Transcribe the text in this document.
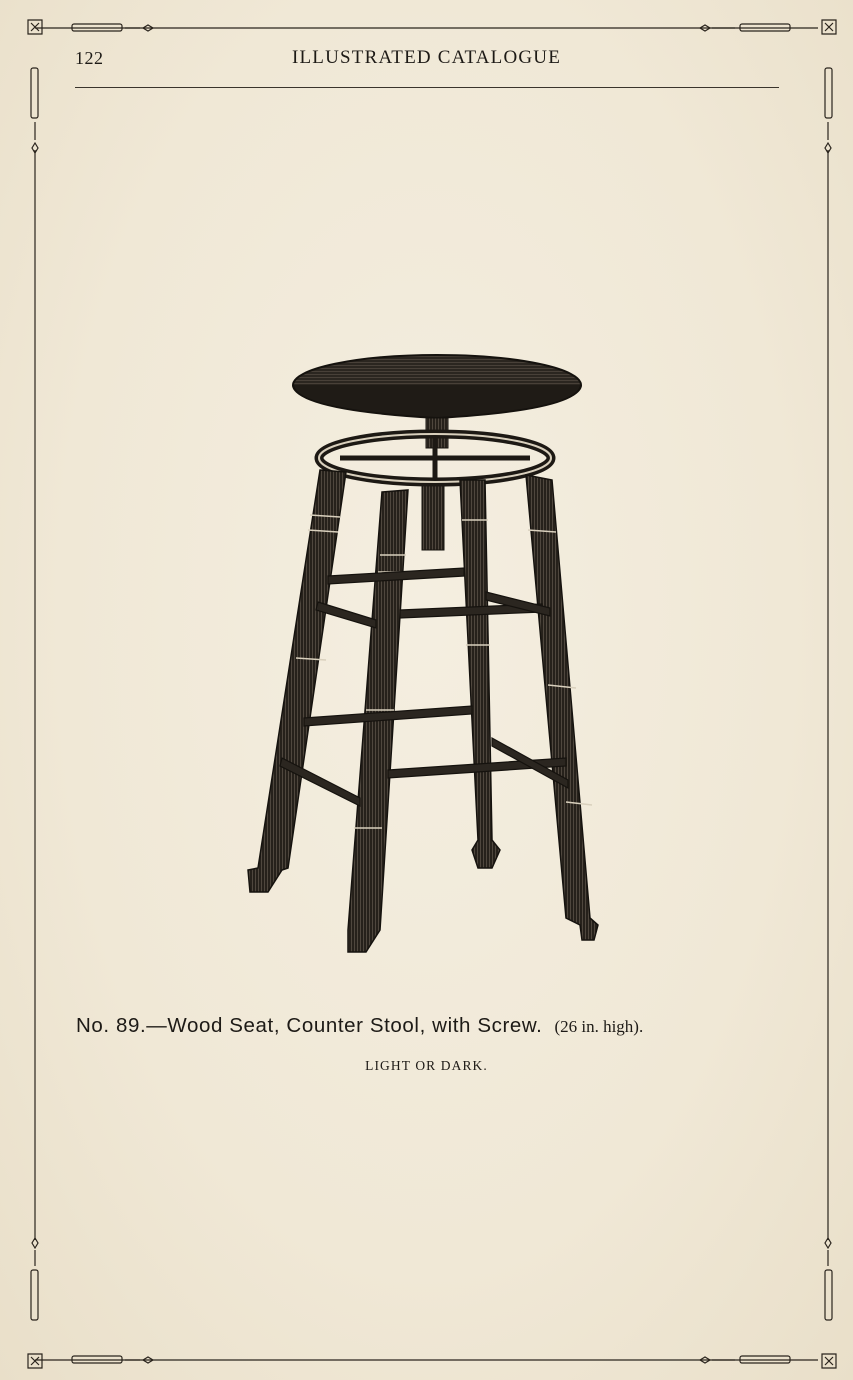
122	ILLUSTRATED CATALOGUE
No. 89.—Wood Seat, Counter Stool, with Screw. (26 in. high).
LIGHT OR DARK.
